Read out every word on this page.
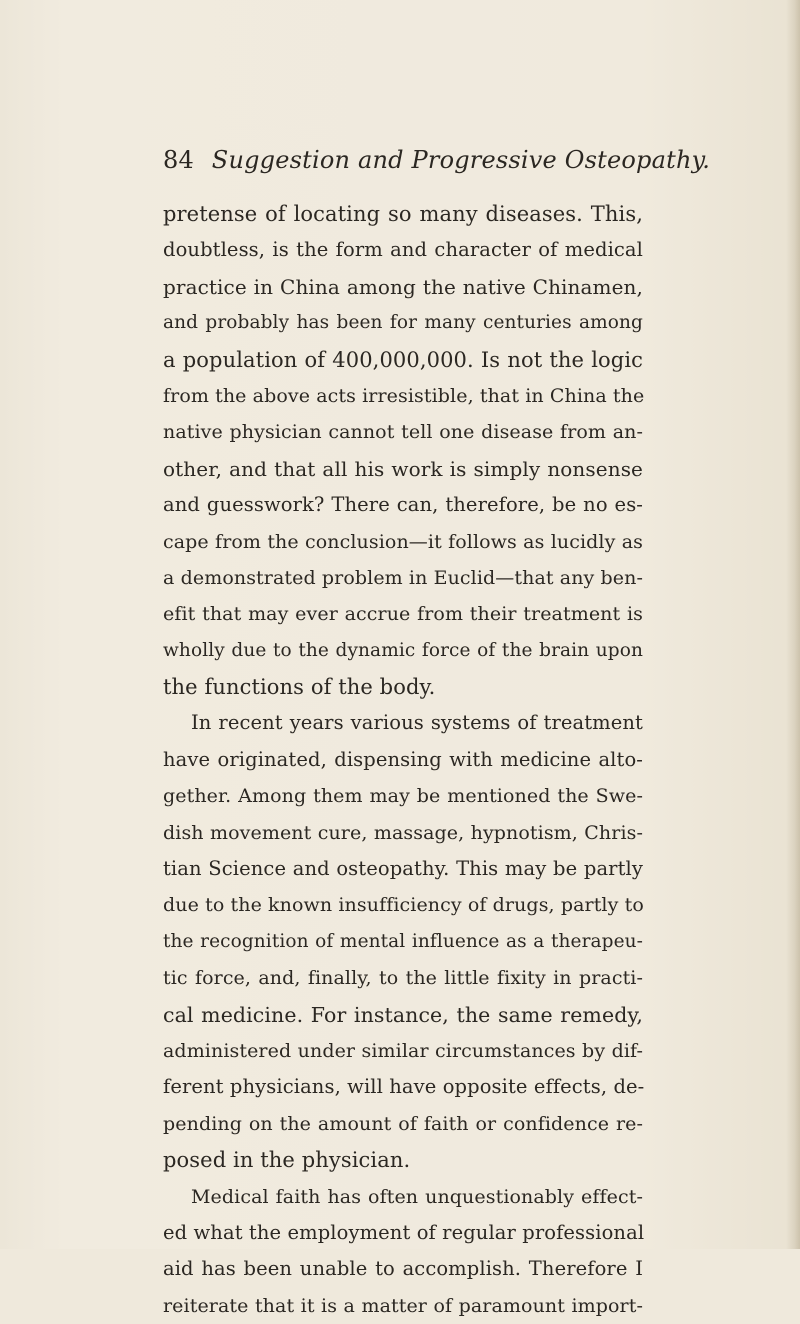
84 Suggestion and Progressive Osteopathy.
pretense of locating so many diseases. This,
doubtless, is the form and character of medical
practice in China among the native Chinamen,
and probably has been for many centuries among
a population of 400,000,000. Is not the logic
from the above acts irresistible, that in China the
native physician cannot tell one disease from an-
other, and that all his work is simply nonsense
and guesswork? There can, therefore, be no es-
cape from the conclusion—it follows as lucidly as
a demonstrated problem in Euclid—that any ben-
efit that may ever accrue from their treatment is
wholly due to the dynamic force of the brain upon
the functions of the body.
In recent years various systems of treatment
have originated, dispensing with medicine alto-
gether. Among them may be mentioned the Swe-
dish movement cure, massage, hypnotism, Chris-
tian Science and osteopathy. This may be partly
due to the known insufficiency of drugs, partly to
the recognition of mental influence as a therapeu-
tic force, and, finally, to the little fixity in practi-
cal medicine. For instance, the same remedy,
administered under similar circumstances by dif-
ferent physicians, will have opposite effects, de-
pending on the amount of faith or confidence re-
posed in the physician.
Medical faith has often unquestionably effect-
ed what the employment of regular professional
aid has been unable to accomplish. Therefore I
reiterate that it is a matter of paramount import-
